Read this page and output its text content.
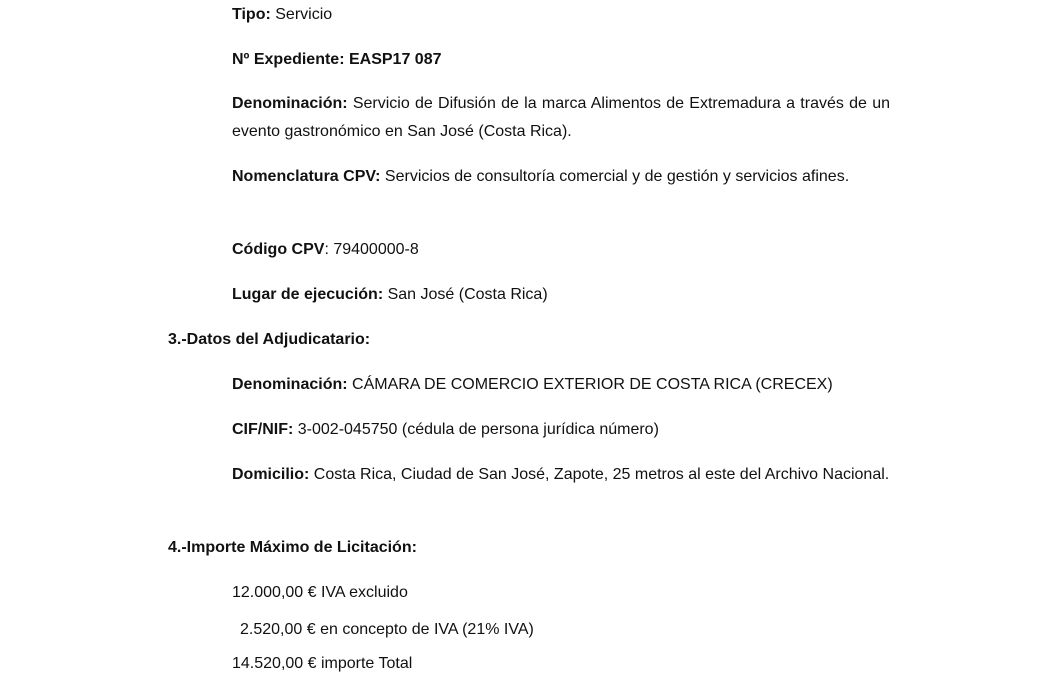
Tipo: Servicio
Nº Expediente: EASP17 087
Denominación: Servicio de Difusión de la marca Alimentos de Extremadura a través de un evento gastronómico en San José (Costa Rica).
Nomenclatura CPV: Servicios de consultoría comercial y de gestión y servicios afines.
Código CPV: 79400000-8
Lugar de ejecución: San José (Costa Rica)
3.-Datos del Adjudicatario:
Denominación: CÁMARA DE COMERCIO EXTERIOR DE COSTA RICA (CRECEX)
CIF/NIF: 3-002-045750 (cédula de persona jurídica número)
Domicilio: Costa Rica, Ciudad de San José, Zapote, 25 metros al este del Archivo Nacional.
4.-Importe Máximo de Licitación:
12.000,00 € IVA excluido
2.520,00 € en concepto de IVA (21% IVA)
14.520,00 € importe Total
